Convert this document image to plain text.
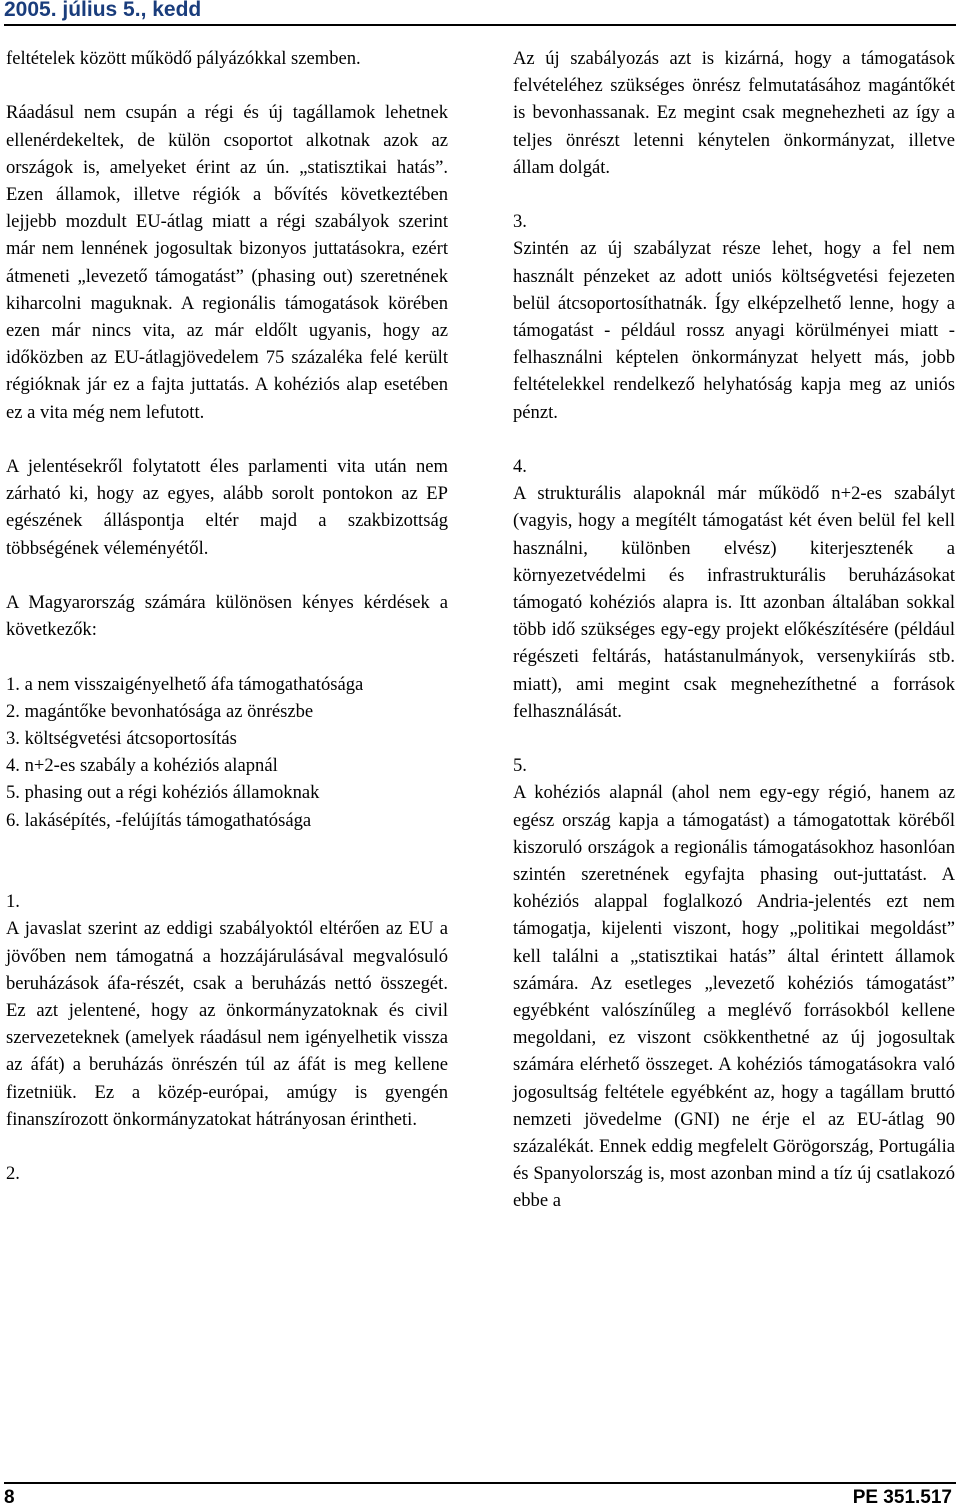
2005. július 5., kedd

feltételek között működő pályázókkal szemben.

Ráadásul nem csupán a régi és új tagállamok lehetnek ellenérdekeltek, de külön csoportot alkotnak azok az országok is, amelyeket érint az ún. „statisztikai hatás”. Ezen államok, illetve régiók a bővítés következtében lejjebb mozdult EU-átlag miatt a régi szabályok szerint már nem lennének jogosultak bizonyos juttatásokra, ezért átmeneti „levezető támogatást” (phasing out) szeretnének kiharcolni maguknak. A regionális támogatások körében ezen már nincs vita, az már eldőlt ugyanis, hogy az időközben az EU-átlagjövedelem 75 százaléka felé került régióknak jár ez a fajta juttatás. A kohéziós alap esetében ez a vita még nem lefutott.

A jelentésekről folytatott éles parlamenti vita után nem zárható ki, hogy az egyes, alább sorolt pontokon az EP egészének álláspontja eltér majd a szakbizottság többségének véleményétől.

A Magyarország számára különösen kényes kérdések a következők:

1. a nem visszaigényelhető áfa támogathatósága

2. magántőke bevonhatósága az önrészbe

3. költségvetési átcsoportosítás

4. n+2-es szabály a kohéziós alapnál

5. phasing out a régi kohéziós államoknak

6. lakásépítés, -felújítás támogathatósága

1.

A javaslat szerint az eddigi szabályoktól eltérően az EU a jövőben nem támogatná a hozzájárulásával megvalósuló beruházások áfa-részét, csak a beruházás nettó összegét. Ez azt jelentené, hogy az önkormányzatoknak és civil szervezeteknek (amelyek ráadásul nem igényelhetik vissza az áfát) a beruházás önrészén túl az áfát is meg kellene fizetniük. Ez a közép-európai, amúgy is gyengén finanszírozott önkormányzatokat hátrányosan érintheti.

2.

Az új szabályozás azt is kizárná, hogy a támogatások felvételéhez szükséges önrész felmutatásához magántőkét is bevonhassanak. Ez megint csak megnehezheti az így a teljes önrészt letenni kénytelen önkormányzat, illetve állam dolgát.

3.

Szintén az új szabályzat része lehet, hogy a fel nem használt pénzeket az adott uniós költségvetési fejezeten belül átcsoportosíthatnák. Így elképzelhető lenne, hogy a támogatást - például rossz anyagi körülményei miatt - felhasználni képtelen önkormányzat helyett más, jobb feltételekkel rendelkező helyhatóság kapja meg az uniós pénzt.

4.

A strukturális alapoknál már működő n+2-es szabályt (vagyis, hogy a megítélt támogatást két éven belül fel kell használni, különben elvész) kiterjesztenék a környezetvédelmi és infrastrukturális beruházásokat támogató kohéziós alapra is. Itt azonban általában sokkal több idő szükséges egy-egy projekt előkészítésére (például régészeti feltárás, hatástanulmányok, versenykiírás stb. miatt), ami megint csak megnehezíthetné a források felhasználását.

5.

A kohéziós alapnál (ahol nem egy-egy régió, hanem az egész ország kapja a támogatást) a támogatottak köréből kiszoruló országok a regionális támogatásokhoz hasonlóan szintén szeretnének egyfajta phasing out-juttatást. A kohéziós alappal foglalkozó Andria-jelentés ezt nem támogatja, kijelenti viszont, hogy „politikai megoldást” kell találni a „statisztikai hatás” által érintett államok számára. Az esetleges „levezető kohéziós támogatást” egyébként valószínűleg a meglévő forrásokból kellene megoldani, ez viszont csökkenthetné az új jogosultak számára elérhető összeget. A kohéziós támogatásokra való jogosultság feltétele egyébként az, hogy a tagállam bruttó nemzeti jövedelme (GNI) ne érje el az EU-átlag 90 százalékát. Ennek eddig megfelelt Görögország, Portugália és Spanyolország is, most azonban mind a tíz új csatlakozó ebbe a

8	PE 351.517
